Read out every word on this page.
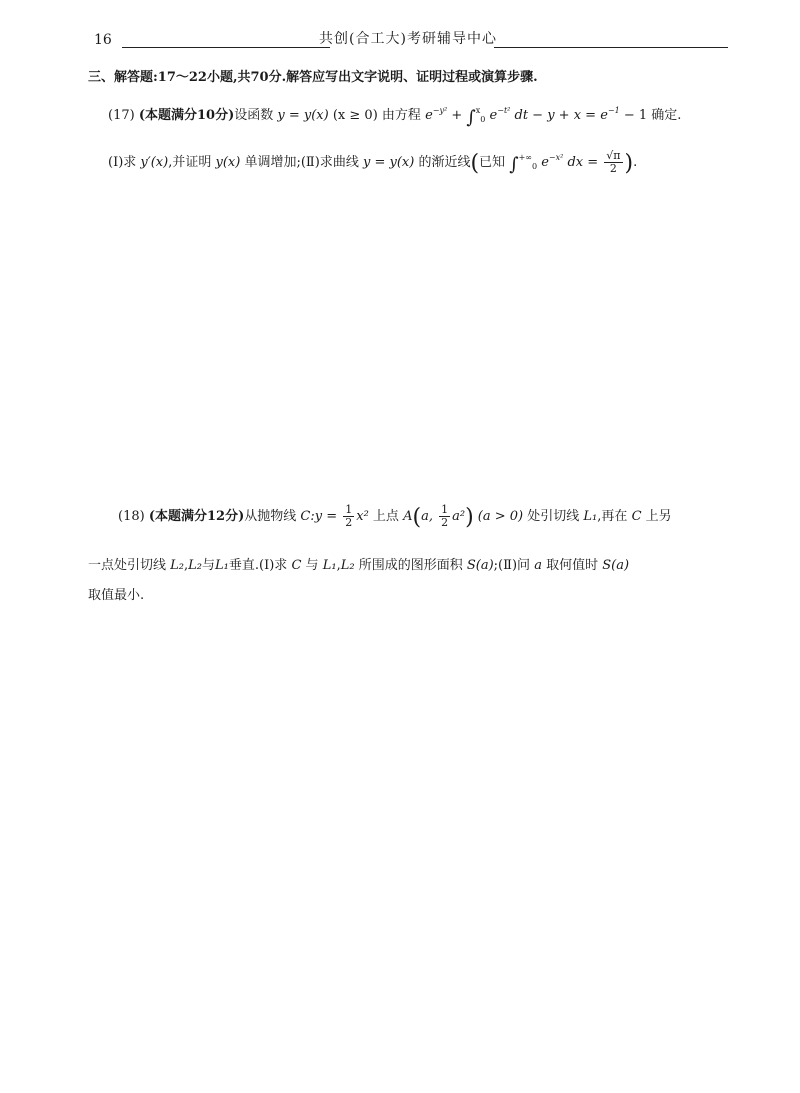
16	共创(合工大)考研辅导中心
三、解答题:17～22小题,共70分.解答应写出文字说明、证明过程或演算步骤.
(17) (本题满分10分)设函数 y = y(x) (x ≥ 0) 由方程 $e^{-y^2} + \int^x_0$ $e^{-t^2}$ dt − $y + x = e^{-1} - 1$ 确定.
(Ⅰ)求 y′(x),并证明 y(x) 单调增加;(Ⅱ)求曲线 y = y(x) 的渐近线(已知 $\int^{+\infty}_0$ $e^{-x^2}$ dx = $\frac{√\pi}{2}$ ).
(18) (本题满分12分)从抛物线 C:y = $\frac{1}{2} x^2$ 上点 A(a, $\frac{1}{2} a^2$) (a > 0) 处引切线 L₁,再在 C 上另
一点处引切线 L₂,L₂与L₁垂直.(Ⅰ)求 C 与 L₁,L₂ 所围成的图形面积 S(a);(Ⅱ)问 a 取何值时 S(a)
取值最小.
